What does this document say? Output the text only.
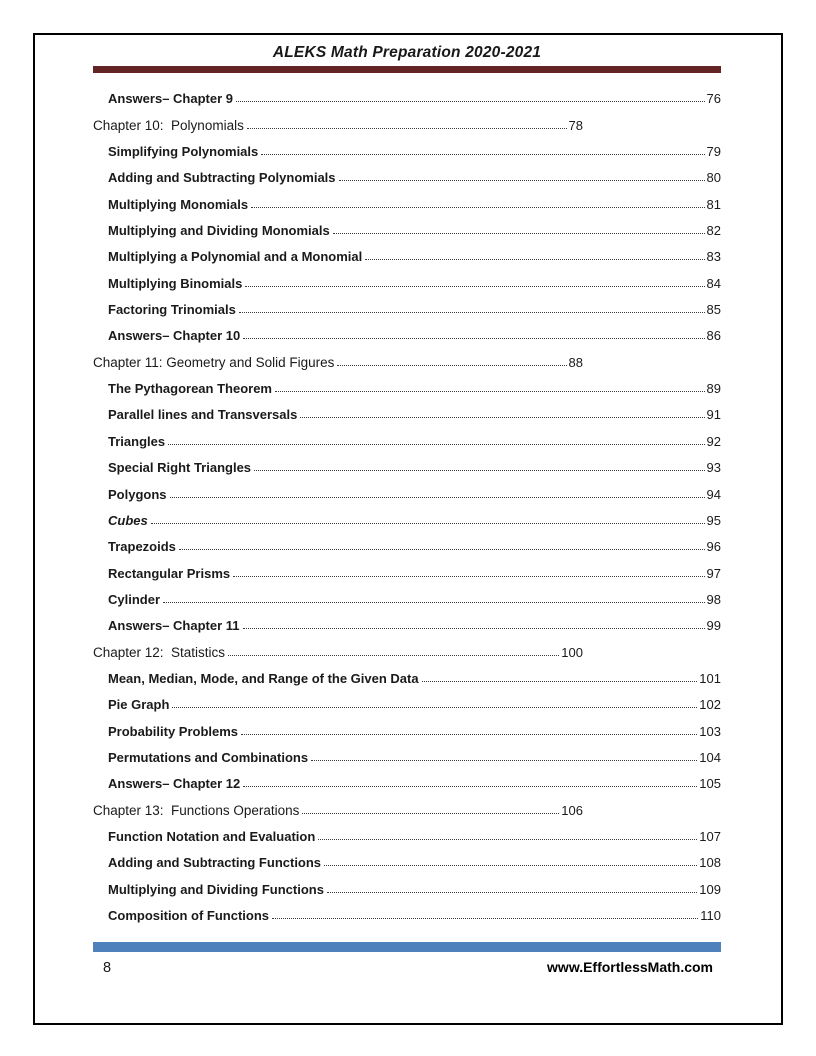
ALEKS Math Preparation 2020-2021
Answers– Chapter 9	76
Chapter 10:  Polynomials	78
Simplifying Polynomials	79
Adding and Subtracting Polynomials	80
Multiplying Monomials	81
Multiplying and Dividing Monomials	82
Multiplying a Polynomial and a Monomial	83
Multiplying Binomials	84
Factoring Trinomials	85
Answers– Chapter 10	86
Chapter 11: Geometry and Solid Figures	88
The Pythagorean Theorem	89
Parallel lines and Transversals	91
Triangles	92
Special Right Triangles	93
Polygons	94
Cubes	95
Trapezoids	96
Rectangular Prisms	97
Cylinder	98
Answers– Chapter 11	99
Chapter 12:  Statistics	100
Mean, Median, Mode, and Range of the Given Data	101
Pie Graph	102
Probability Problems	103
Permutations and Combinations	104
Answers– Chapter 12	105
Chapter 13:  Functions Operations	106
Function Notation and Evaluation	107
Adding and Subtracting Functions	108
Multiplying and Dividing Functions	109
Composition of Functions	110
8	www.EffortlessMath.com
